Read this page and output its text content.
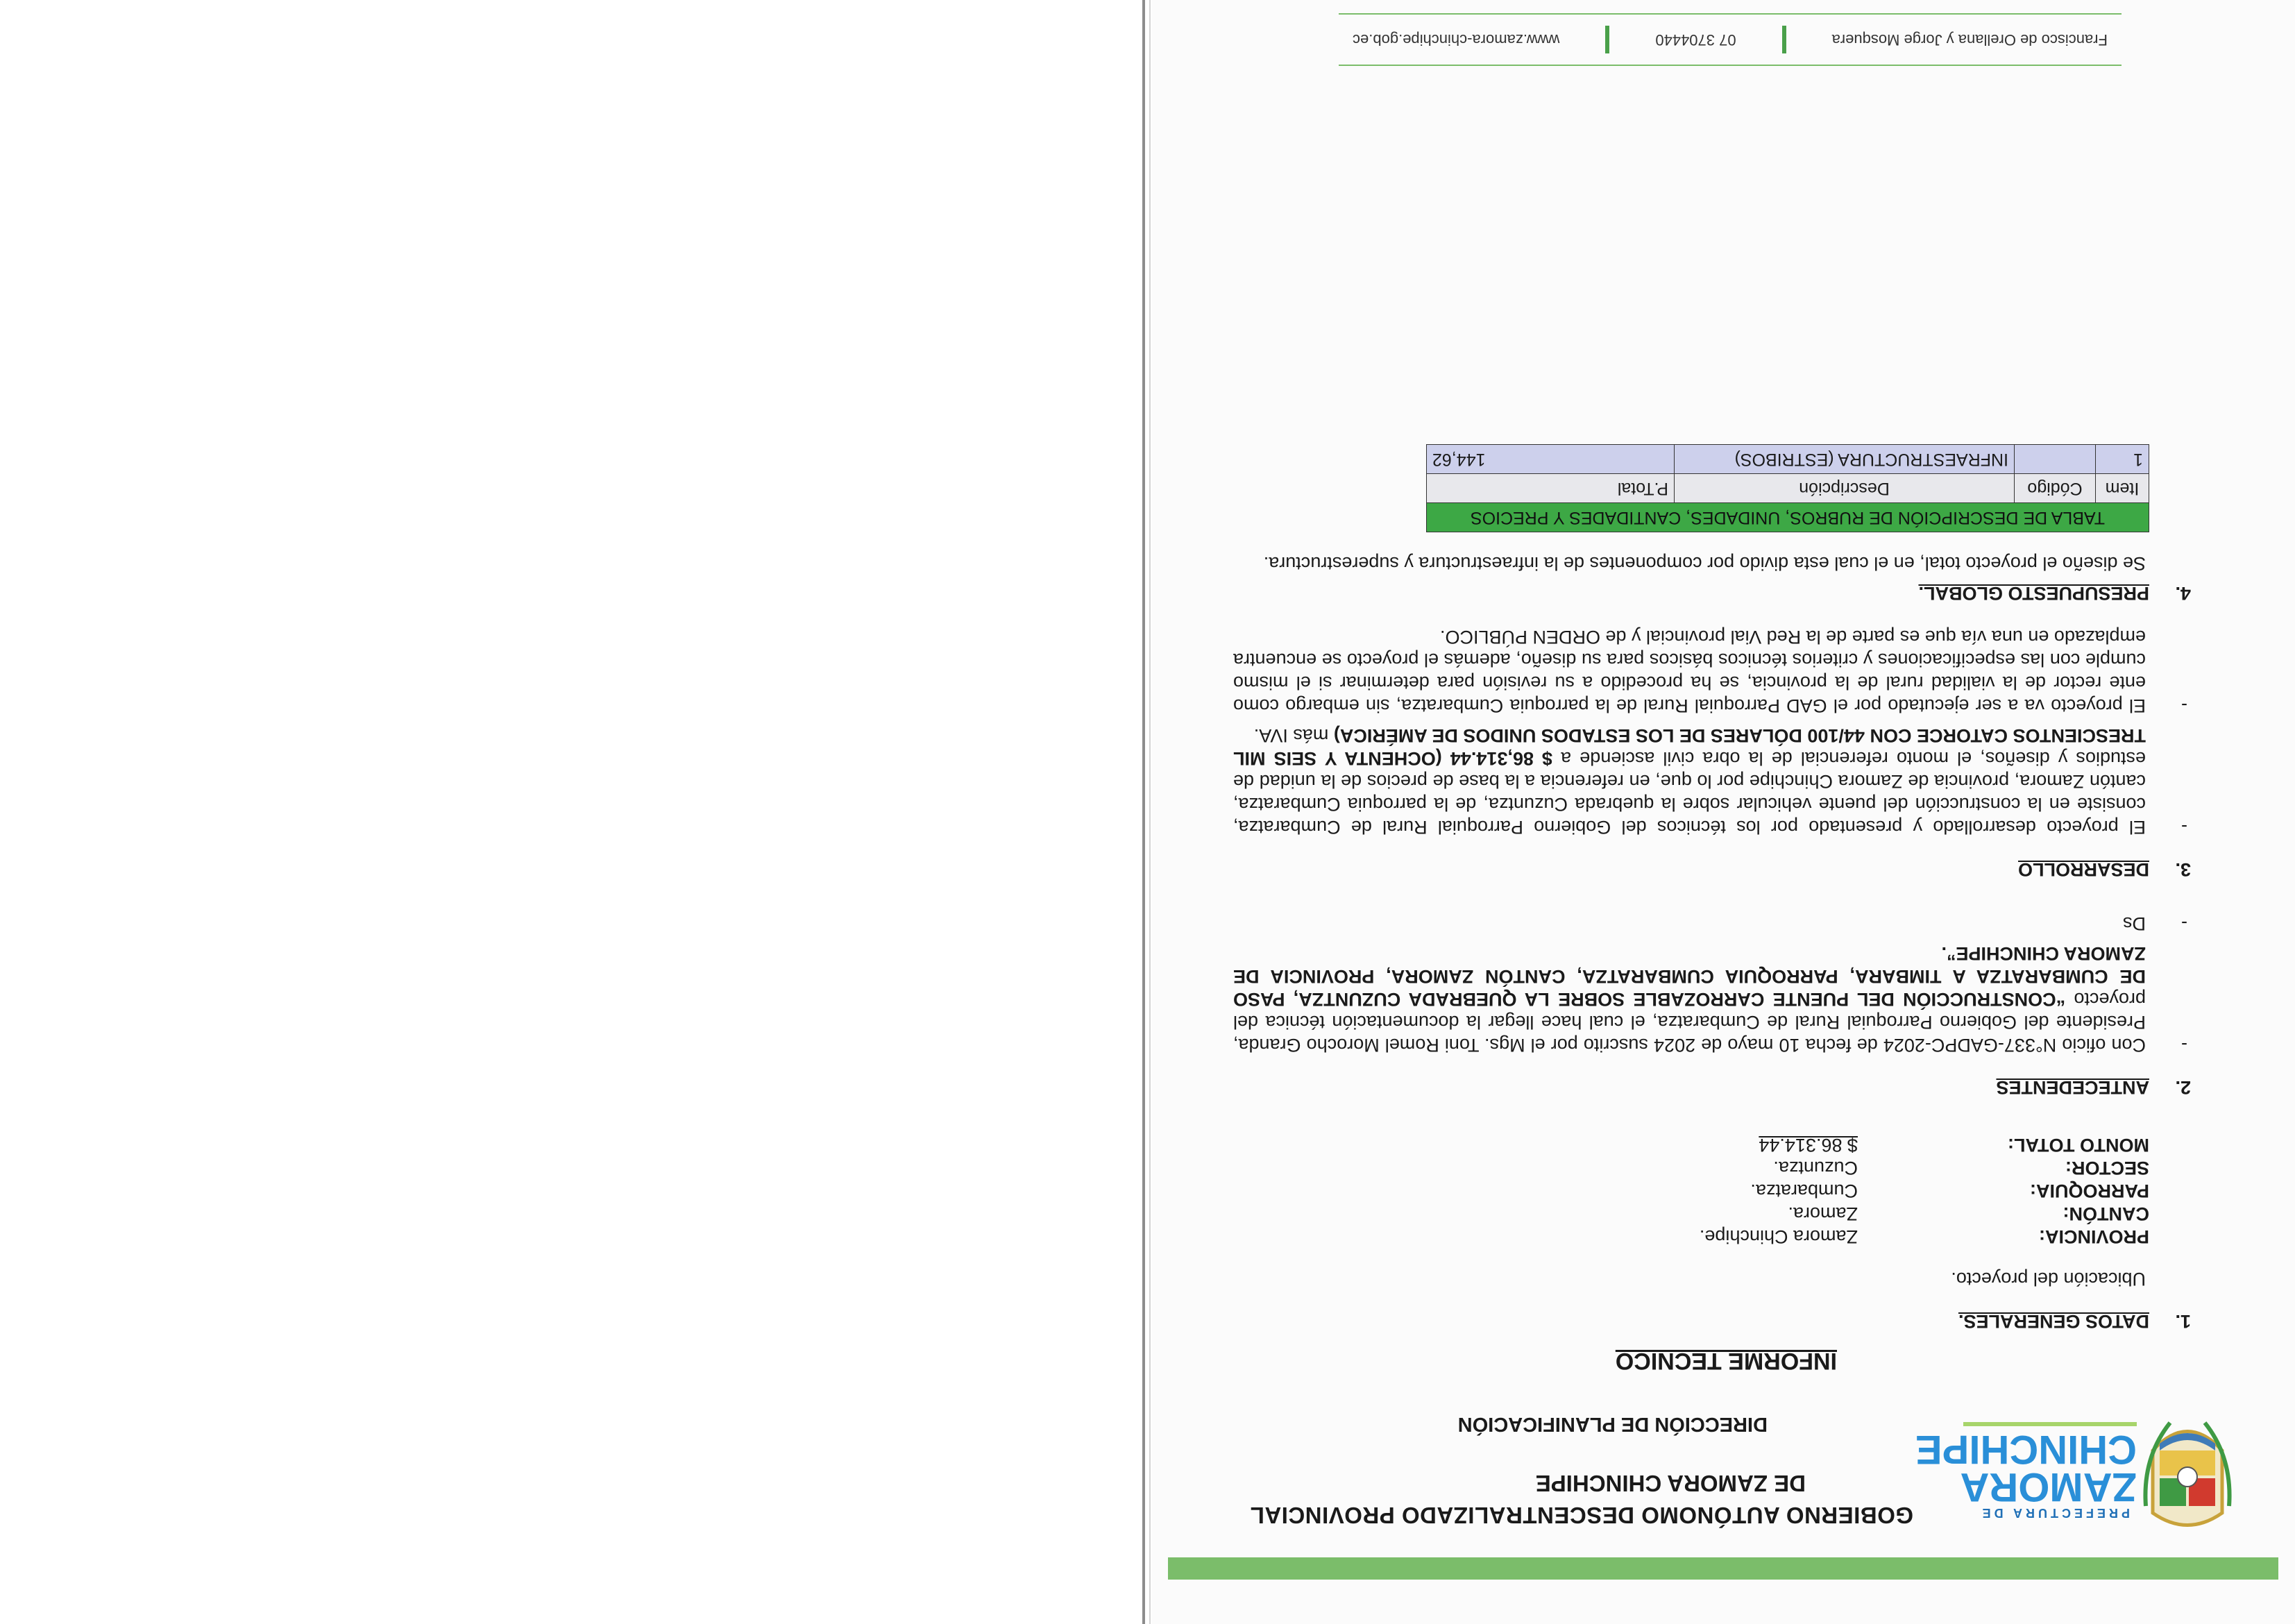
PREFECTURA DE
ZAMORA
CHINCHIPE
GOBIERNO AUTÓNOMO DESCENTRALIZADO PROVINCIAL
DE ZAMORA CHINCHIPE
DIRECCIÓN DE PLANIFICACIÓN
INFORME TECNICO
1.DATOS GENERALES.
Ubicación del proyecto.
PROVINCIA:
Zamora Chinchipe.
CANTÓN:
Zamora.
PARROQUIA:
Cumbaratza.
SECTOR:
Cuzuntza.
MONTO TOTAL:
$ 86.314.44
2.ANTECEDENTES
- Con oficio N°337-GADPC-2024 de fecha 10 mayo de 2024 suscrito por el Mgs. Toni Romel Morocho Granda, Presidente del Gobierno Parroquial Rural de Cumbaratza, el cual hace llegar la documentación técnica del proyecto “CONSTRUCCIÓN DEL PUENTE CARROZABLE SOBRE LA QUEBRADA CUZUNTZA, PASO DE CUMBARATZA A TIMBARA, PARROQUIA CUMBARATZA, CANTÓN ZAMORA, PROVINCIA DE ZAMORA CHINCHIPE”.
- Ds
3.DESARROLLO
- El proyecto desarrollado y presentado por los técnicos del Gobierno Parroquial Rural de Cumbaratza, consiste en la construcción del puente vehicular sobre la quebrada Cuzuntza, de la parroquia Cumbaratza, cantón Zamora, provincia de Zamora Chinchipe por lo que, en referencia a la base de precios de la unidad de estudios y diseños, el monto referencial de la obra civil asciende a $ 86,314.44 (OCHENTA Y SEIS MIL TRESCIENTOS CATORCE CON 44/100 DÓLARES DE LOS ESTADOS UNIDOS DE AMÉRICA) más IVA.
- El proyecto va a ser ejecutado por el GAD Parroquial Rural de la parroquia Cumbaratza, sin embargo como ente rector de la vialidad rural de la provincia, se ha procedido a su revisión para determinar si el mismo cumple con las especificaciones y criterios técnicos básicos para su diseño, además el proyecto se encuentra emplazado en una vía que es parte de la Red Vial provincial y de ORDEN PÚBLICO.
4.PRESUPUESTO GLOBAL.
Se diseño el proyecto total, en el cual esta divido por componentes de la infraestructura y superestructura.
TABLA DE DESCRIPCIÓN DE RUBROS, UNIDADES, CANTIDADES Y PRECIOS			
Item	Código	Descripción	P.Total
1		INFRAESTRUCTURA (ESTRIBOS)	144,62
Francisco de Orellana y Jorge Mosquera
07 3704440
www.zamora-chinchipe.gob.ec
